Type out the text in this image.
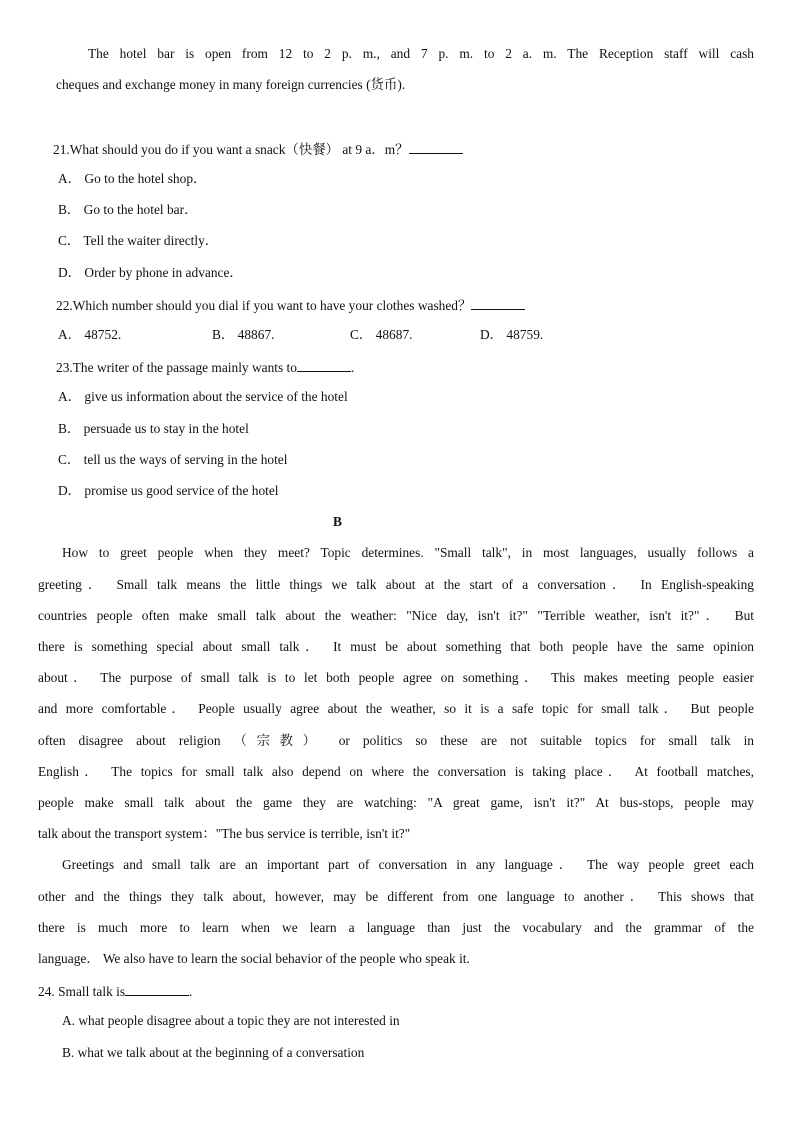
The hotel bar is open from 12 to 2 p. m., and 7 p. m. to 2 a. m. The Reception staff will cash
cheques and exchange money in many foreign currencies (货币).
21.What should you do if you want a snack（快餐） at 9 a．m？
A． Go to the hotel shop．
B． Go to the hotel bar．
C． Tell the waiter directly．
D． Order by phone in advance．
22.Which number should you dial if you want to have your clothes washed？
A． 48752.	B． 48867.	C． 48687.	D． 48759.
23.The writer of the passage mainly wants to	.
A． give us information about the service of the hotel
B． persuade us to stay in the hotel
C． tell us the ways of serving in the hotel
D． promise us good service of the hotel
B
How to greet people when they meet? Topic determines. "Small talk", in most languages, usually follows a
greeting． Small talk means the little things we talk about at the start of a conversation． In English-speaking
countries people often make small talk about the weather: "Nice day, isn't it?" "Terrible weather, isn't it?"． But
there is something special about small talk． It must be about something that both people have the same opinion
about． The purpose of small talk is to let both people agree on something． This makes meeting people easier
and more comfortable． People usually agree about the weather, so it is a safe topic for small talk． But people
often disagree about religion （宗教） or politics so these are not suitable topics for small talk in
English． The topics for small talk also depend on where the conversation is taking place． At football matches,
people make small talk about the game they are watching: "A great game, isn't it?" At bus-stops, people may
talk about the transport system："The bus service is terrible, isn't it?"
Greetings and small talk are an important part of conversation in any language． The way people greet each
other and the things they talk about, however, may be different from one language to another． This shows that
there is much more to learn when we learn a language than just the vocabulary and the grammar of the
language． We also have to learn the social behavior of the people who speak it.
24. Small talk is	.
A. what people disagree about a topic they are not interested in
B. what we talk about at the beginning of a conversation
